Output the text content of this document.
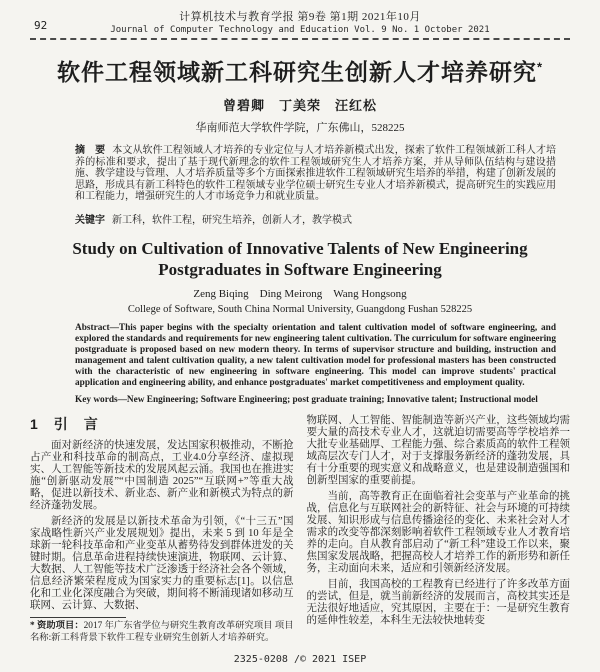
92
计算机技术与教育学报 第9卷 第1期 2021年10月
Journal of Computer Technology and Education Vol. 9 No. 1 October 2021
软件工程领域新工科研究生创新人才培养研究*
曾碧卿　丁美荣　汪红松
华南师范大学软件学院，广东佛山，528225
摘　要 本文从软件工程领域人才培养的专业定位与人才培养新模式出发，探索了软件工程领域新工科人才培养的标准和要求，提出了基于现代新理念的软件工程领域研究生人才培养方案，并从导师队伍结构与建设措施、教学建设与管理、人才培养质量等多个方面探索推进软件工程领域研究生培养的举措，构建了创新发展的思路，形成具有新工科特色的软件工程领域专业学位硕士研究生专业人才培养新模式，提高研究生的实践应用和工程能力，增强研究生的人才市场竞争力和就业质量。
关键字 新工科，软件工程，研究生培养，创新人才，教学模式
Study on Cultivation of Innovative Talents of New Engineering Postgraduates in Software Engineering
Zeng Biqing　Ding Meirong　Wang Hongsong
College of Software, South China Normal University, Guangdong Fushan 528225
Abstract—This paper begins with the specialty orientation and talent cultivation model of software engineering, and explored the standards and requirements for new engineering talent cultivation. The curriculum for software engineering postgraduate is proposed based on new modern theory. In terms of supervisor structure and building, instruction and management and talent cultivation quality, a new talent cultivation model for professional masters has been constructed with the characteristic of new engineering in software engineering. This model can improve students' practical application and engineering ability, and enhance postgraduates' market competitiveness and employment quality.
Key words—New Engineering; Software Engineering; post graduate training; Innovative talent; Instructional model
1　引　言

面对新经济的快速发展，发达国家积极推动，不断抢占产业和科技革命的制高点，工业4.0分享经济、虚拟现实、人工智能等新技术的发展风起云涌。我国也在推进实施“创新驱动发展”“中国制造 2025”“互联网+”等重大战略，促进以新技术、新业态、新产业和新模式为特点的新经济蓬勃发展。

新经济的发展是以新技术革命为引领，《“十三五”国家战略性新兴产业发展规划》提出，未来 5 到 10 年是全球新一轮科技革命和产业变革从蓄势待发到群体迸发的关键时期。信息革命进程持续快速演进，物联网、云计算、大数据、人工智能等技术广泛渗透于经济社会各个领域，信息经济繁荣程度成为国家实力的重要标志[1]。以信息化和工业化深度融合为突破，期间将不断涌现诸如移动互联网、云计算、大数据、

* 资助项目：2017 年广东省学位与研究生教育改革研究项目 项目名称:新工科背景下软件工程专业研究生创新人才培养研究。

物联网、人工智能、智能制造等新兴产业，这些领域均需要大量的高技术专业人才，这就迫切需要高等学校培养一大批专业基础厚、工程能力强、综合素质高的软件工程领域高层次专门人才，对于支撑服务新经济的蓬勃发展，具有十分重要的现实意义和战略意义，也是建设制造强国和创新型国家的重要前提。

当前，高等教育正在面临着社会变革与产业革命的挑战，信息化与互联网社会的新特征、社会与环境的可持续发展、知识形成与信息传播途径的变化、未来社会对人才需求的改变等都深刻影响着软件工程领域专业人才教育培养的走向。自从教育部启动了“新工科”建设工作以来，聚焦国家发展战略，把握高校人才培养工作的新形势和新任务，主动面向未来，适应和引领新经济发展。

目前，我国高校的工程教育已经进行了许多改革方面的尝试，但是，就当前新经济的发展而言，高校其实还是无法很好地适应，究其原因，主要在于：一是研究生教育的延伸性较差，本科生无法较快地转变

2325-0208 /© 2021 ISEP
